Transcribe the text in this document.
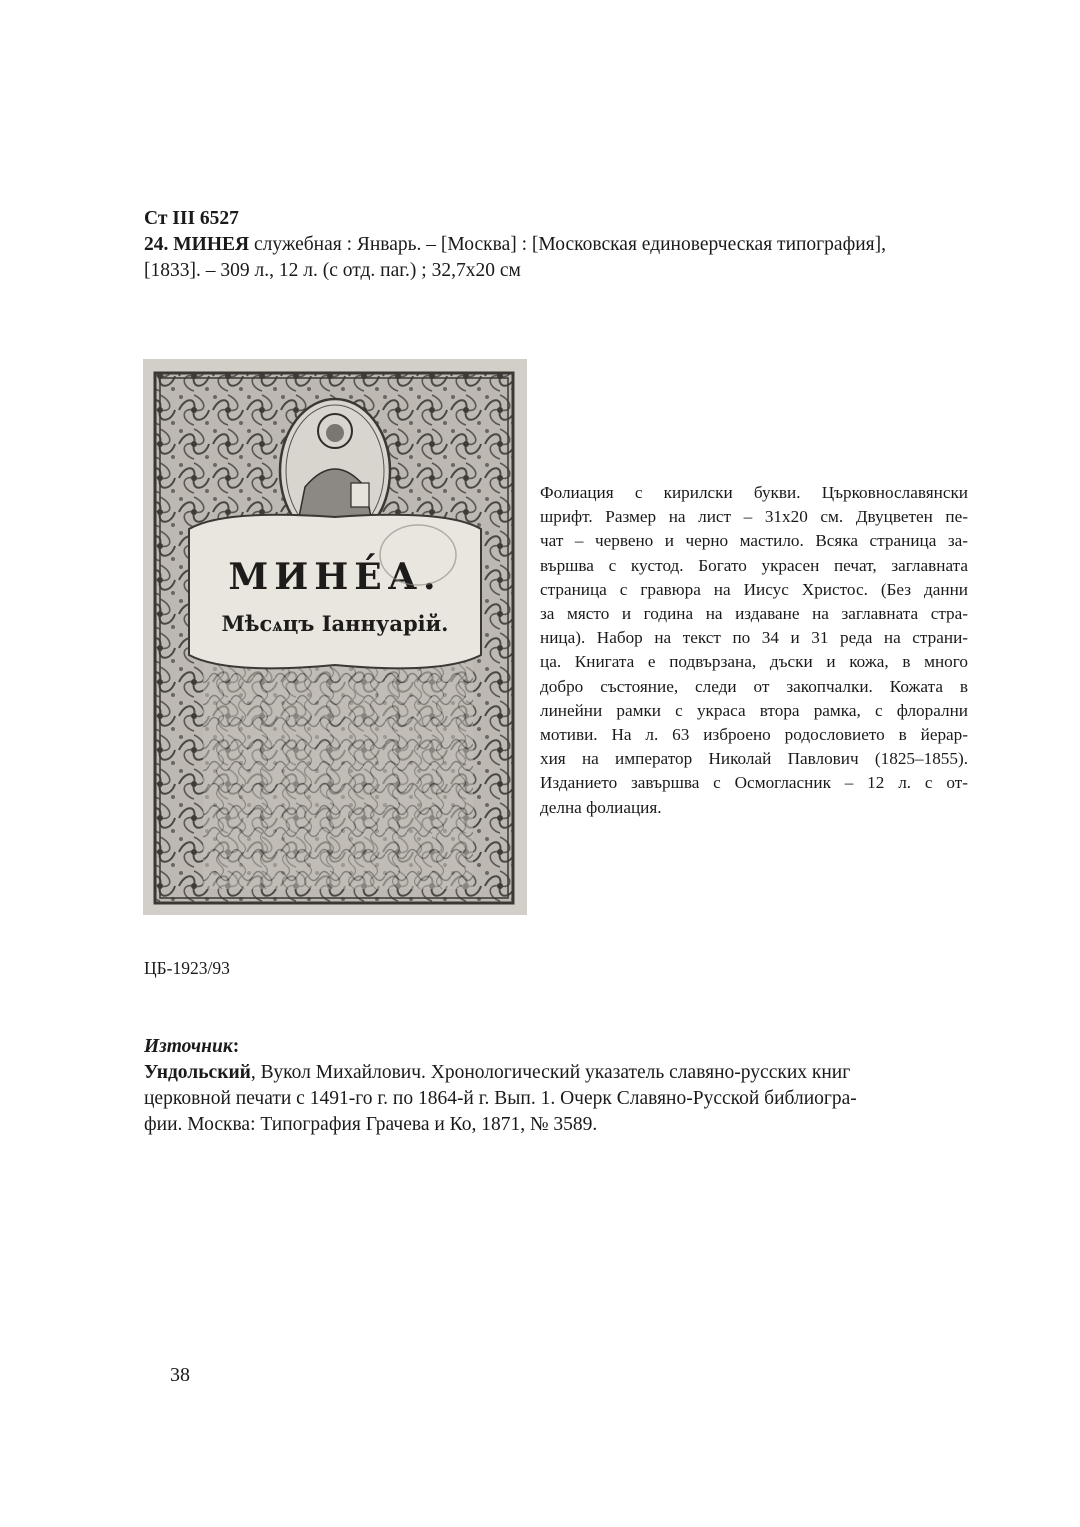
Ст III 6527
24. МИНЕЯ служебная : Январь. – [Москва] : [Московская единоверческая типография],
[1833]. – 309 л., 12 л. (с отд. паг.) ; 32,7х20 см
МИНЕ́А.
Мѣсѧцъ Іаннуарій.
Фолиация с кирилски букви. Църковнославянски
шрифт. Размер на лист – 31х20 см. Двуцветен пе-
чат – червено и черно мастило. Всяка страница за-
вършва с кустод. Богато украсен печат, заглавната
страница с гравюра на Иисус Христос. (Без данни
за място и година на издаване на заглавната стра-
ница). Набор на текст по 34 и 31 реда на страни-
ца. Книгата е подвързана, дъски и кожа, в много
добро състояние, следи от закопчалки. Кожата в
линейни рамки с украса втора рамка, с флорални
мотиви. На л. 63 изброено родословието в йерар-
хия на император Николай Павлович (1825–1855).
Изданието завършва с Осмогласник – 12 л. с от-
делна фолиация.
ЦБ-1923/93
Източник:
Ундольский, Вукол Михайлович. Хронологический указатель славяно-русских книг
церковной печати с 1491-го г. по 1864-й г. Вып. 1. Очерк Славяно-Русской библиогра-
фии. Москва: Типография Грачева и Ко, 1871, № 3589.
38
